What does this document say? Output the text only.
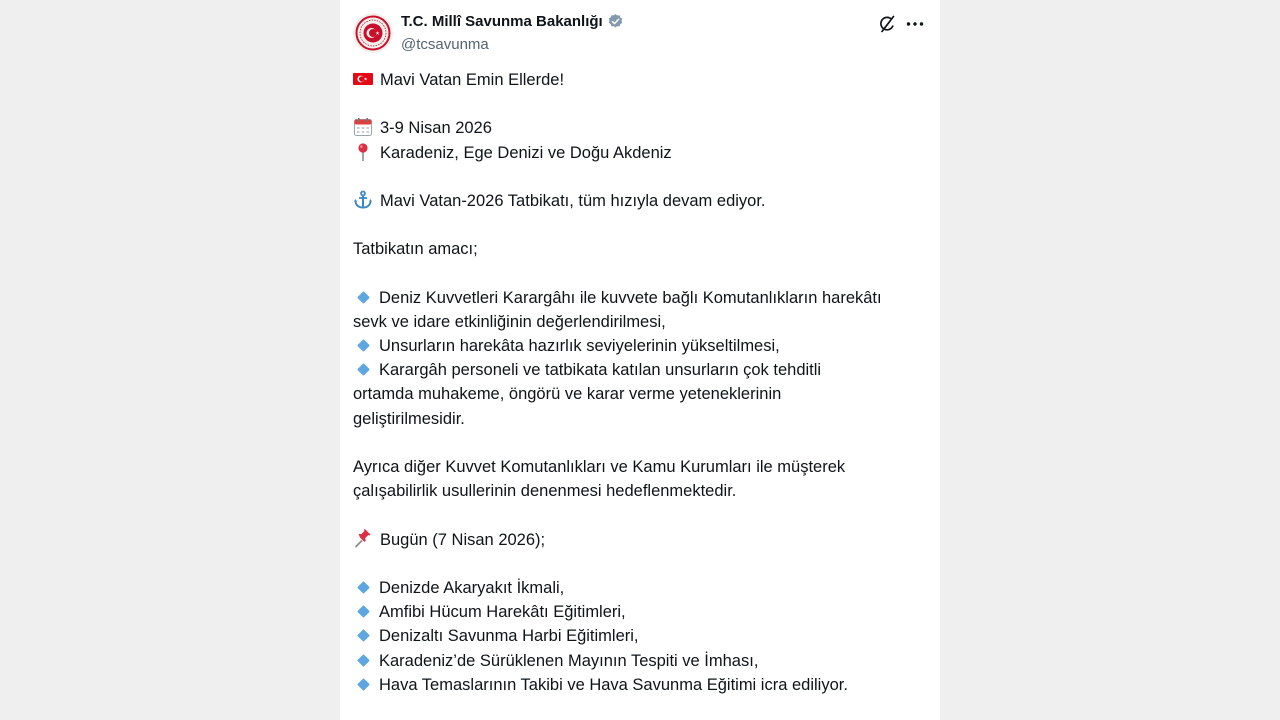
T.C. Millî Savunma Bakanlığı
@tcsavunma
Mavi Vatan Emin Ellerde!
3-9 Nisan 2026
Karadeniz, Ege Denizi ve Doğu Akdeniz
Mavi Vatan-2026 Tatbikatı, tüm hızıyla devam ediyor.
Tatbikatın amacı;
Deniz Kuvvetleri Karargâhı ile kuvvete bağlı Komutanlıkların harekâtı
sevk ve idare etkinliğinin değerlendirilmesi,
Unsurların harekâta hazırlık seviyelerinin yükseltilmesi,
Karargâh personeli ve tatbikata katılan unsurların çok tehditli
ortamda muhakeme, öngörü ve karar verme yeteneklerinin
geliştirilmesidir.
Ayrıca diğer Kuvvet Komutanlıkları ve Kamu Kurumları ile müşterek
çalışabilirlik usullerinin denenmesi hedeflenmektedir.
Bugün (7 Nisan 2026);
Denizde Akaryakıt İkmali,
Amfibi Hücum Harekâtı Eğitimleri,
Denizaltı Savunma Harbi Eğitimleri,
Karadeniz’de Sürüklenen Mayının Tespiti ve İmhası,
Hava Temaslarının Takibi ve Hava Savunma Eğitimi icra ediliyor.
